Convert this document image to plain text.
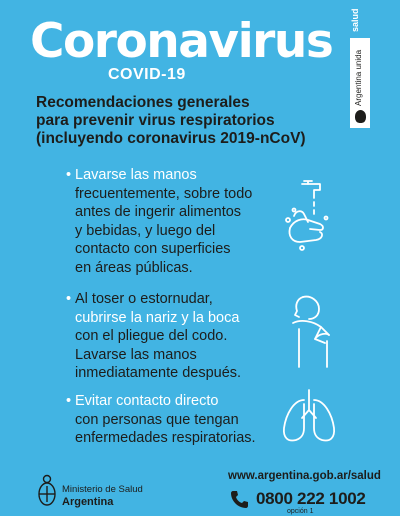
Coronavirus
COVID-19
salud
Argentina unida
Recomendaciones generales
para prevenir virus respiratorios
(incluyendo coronavirus 2019-nCoV)
• Lavarse las manos
frecuentemente, sobre todo
antes de ingerir alimentos
y bebidas, y luego del
contacto con superficies
en áreas públicas.
• Al toser o estornudar,
cubrirse la nariz y la boca
con el pliegue del codo.
Lavarse las manos
inmediatamente después.
• Evitar contacto directo
con personas que tengan
enfermedades respiratorias.
Ministerio de Salud
Argentina
www.argentina.gob.ar/salud
0800 222 1002
opción 1
